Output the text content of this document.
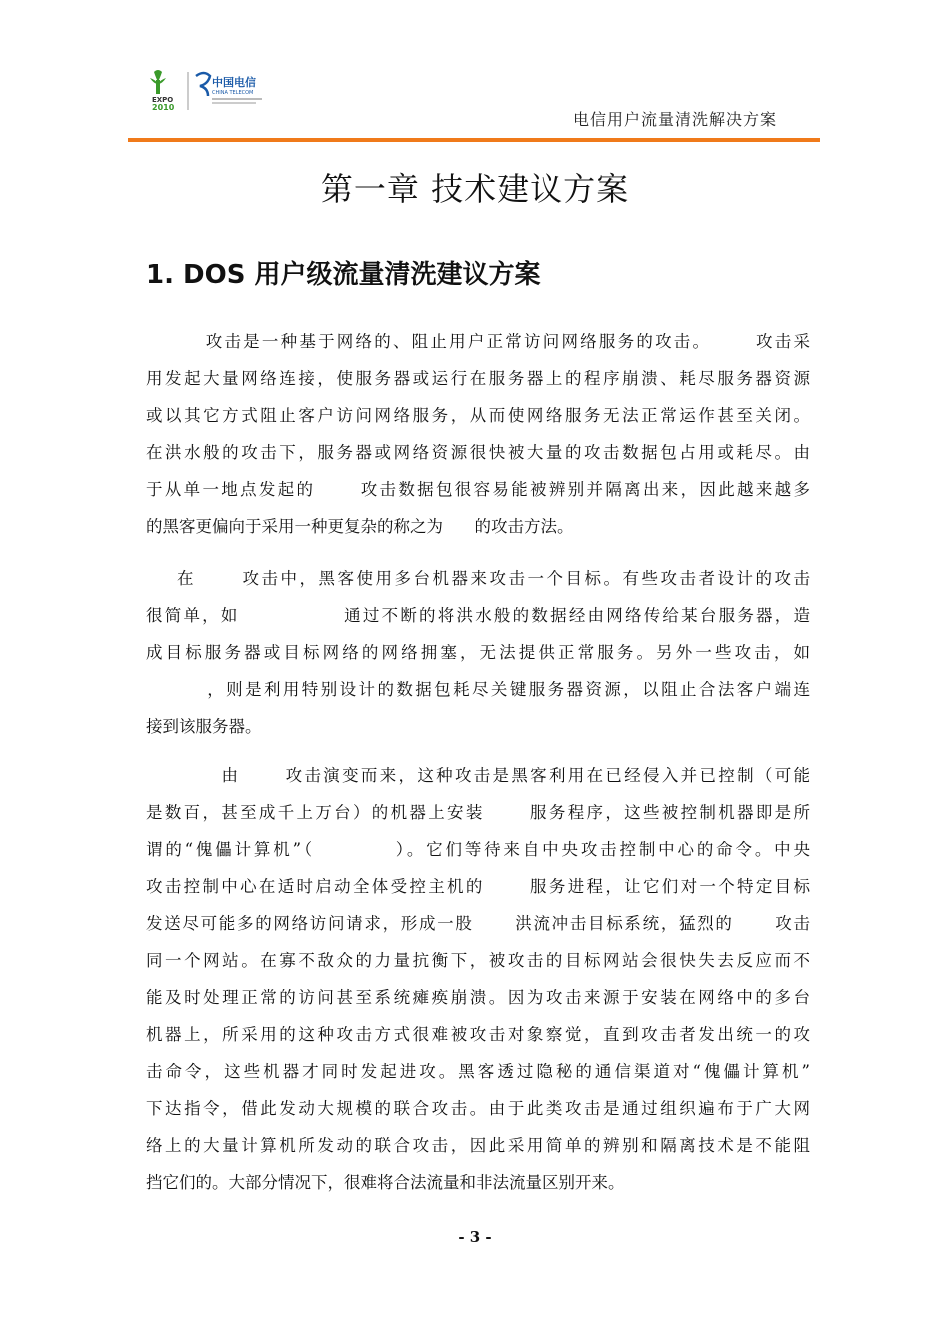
EXPO
2010
中国电信
CHINA TELECOM
电信用户流量清洗解决方案
第一章 技术建议方案
1. DOS 用户级流量清洗建议方案
攻击是一种基于网络的、阻止用户正常访问网络服务的攻击。      攻击采
用发起大量网络连接，使服务器或运行在服务器上的程序崩溃、耗尽服务器资源
或以其它方式阻止客户访问网络服务，从而使网络服务无法正常运作甚至关闭。
在洪水般的攻击下，服务器或网络资源很快被大量的攻击数据包占用或耗尽。由
于从单一地点发起的      攻击数据包很容易能被辨别并隔离出来，因此越来越多
的黑客更偏向于采用一种更复杂的称之为      的攻击方法。
在      攻击中，黑客使用多台机器来攻击一个目标。有些攻击者设计的攻击
很简单，如              通过不断的将洪水般的数据经由网络传给某台服务器，造
成目标服务器或目标网络的网络拥塞，无法提供正常服务。另外一些攻击，如
，则是利用特别设计的数据包耗尽关键服务器资源，以阻止合法客户端连
接到该服务器。
由      攻击演变而来，这种攻击是黑客利用在已经侵入并已控制（可能
是数百，甚至成千上万台）的机器上安装      服务程序，这些被控制机器即是所
谓的“傀儡计算机”（          ）。它们等待来自中央攻击控制中心的命令。中央
攻击控制中心在适时启动全体受控主机的      服务进程，让它们对一个特定目标
发送尽可能多的网络访问请求，形成一股      洪流冲击目标系统，猛烈的      攻击
同一个网站。在寡不敌众的力量抗衡下，被攻击的目标网站会很快失去反应而不
能及时处理正常的访问甚至系统瘫痪崩溃。因为攻击来源于安装在网络中的多台
机器上，所采用的这种攻击方式很难被攻击对象察觉，直到攻击者发出统一的攻
击命令，这些机器才同时发起进攻。黑客透过隐秘的通信渠道对“傀儡计算机”
下达指令，借此发动大规模的联合攻击。由于此类攻击是通过组织遍布于广大网
络上的大量计算机所发动的联合攻击，因此采用简单的辨别和隔离技术是不能阻
挡它们的。大部分情况下，很难将合法流量和非法流量区别开来。
- 3 -
